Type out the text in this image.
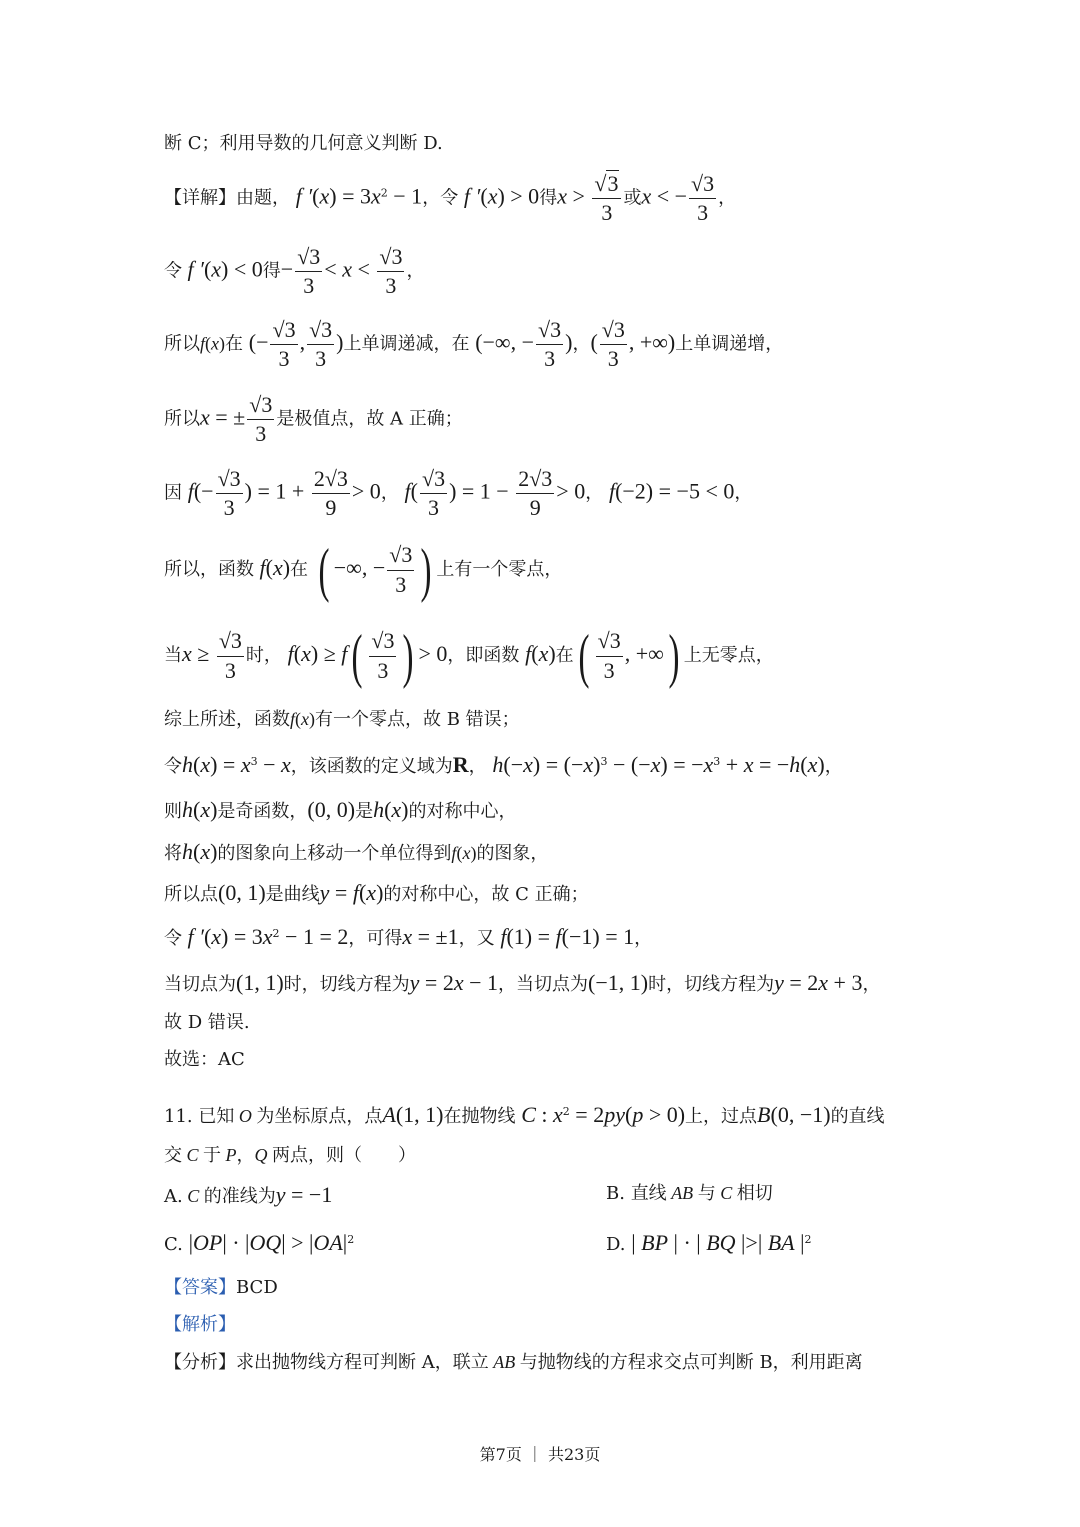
断 C；利用导数的几何意义判断 D.
【详解】由题， f $'(x) = 3x^2 - 1$，令 f ′(x) > 0得$x > \frac{√3}{3}$ 或x < − $\frac{√3}{3}$ ，
令 f ′(x) < 0得− $\frac{√3}{3} < x < \frac{√3}{3}$ ，
所以f(x)在 (− $\frac{√3}{3}$ , $\frac{√3}{3}$ )上单调递减，在 (−∞, − $\frac{√3}{3}$ )，( $\frac{√3}{3}$ , +∞)上单调递增，
所以x = ± $\frac{√3}{3}$ 是极值点，故 A 正确；
因 $f(- \frac{√3}{3}$ ) = $1 + \frac{2√3}{9} > 0$， $f( \frac{√3}{3}$ ) = $1 - \frac{2√3}{9} > 0$， f(−2) = −5 < 0，
所以，函数 f(x)在 ( −∞, − $\frac{√3}{3}$ ) 上有一个零点，
当$x \ge \frac{√3}{3}$ 时， $f(x) \ge f( \frac{√3}{3}$ ) > 0，即函数 f(x)在( $\frac{√3}{3}$ , +∞) 上无零点，
综上所述，函数f(x)有一个零点，故 B 错误；
令$h(x) = x^3 - x$，该函数的定义域为R， $h(-x) = (-x)^3 - (-x) = -x^3 + x = -h(x)$，
则h(x)是奇函数，(0, 0)是h(x)的对称中心，
将h(x)的图象向上移动一个单位得到f(x)的图象，
所以点(0, 1)是曲线y = f(x)的对称中心，故 C 正确；
令 f $'(x) = 3x^2 - 1 = 2$，可得x = ±1，又 f(1) = f(−1) = 1，
当切点为(1, 1)时，切线方程为y = 2x − 1，当切点为(−1, 1)时，切线方程为y = 2x + 3，
故 D 错误.
故选：AC
11. 已知 O 为坐标原点，点A(1, 1)在抛物线 C : $x^2 = 2py(p > 0)$上，过点B(0, −1)的直线
交 C 于 P，Q 两点，则（　　）
A. C 的准线为y = −1	B. 直线 AB 与 C 相切
C. $|OP| \cdot |OQ| > |OA|^2$	D. | BP | · | BQ |>| BA $|^2$
【答案】BCD
【解析】
【分析】求出抛物线方程可判断 A，联立 AB 与抛物线的方程求交点可判断 B，利用距离
第7页 ｜ 共23页
